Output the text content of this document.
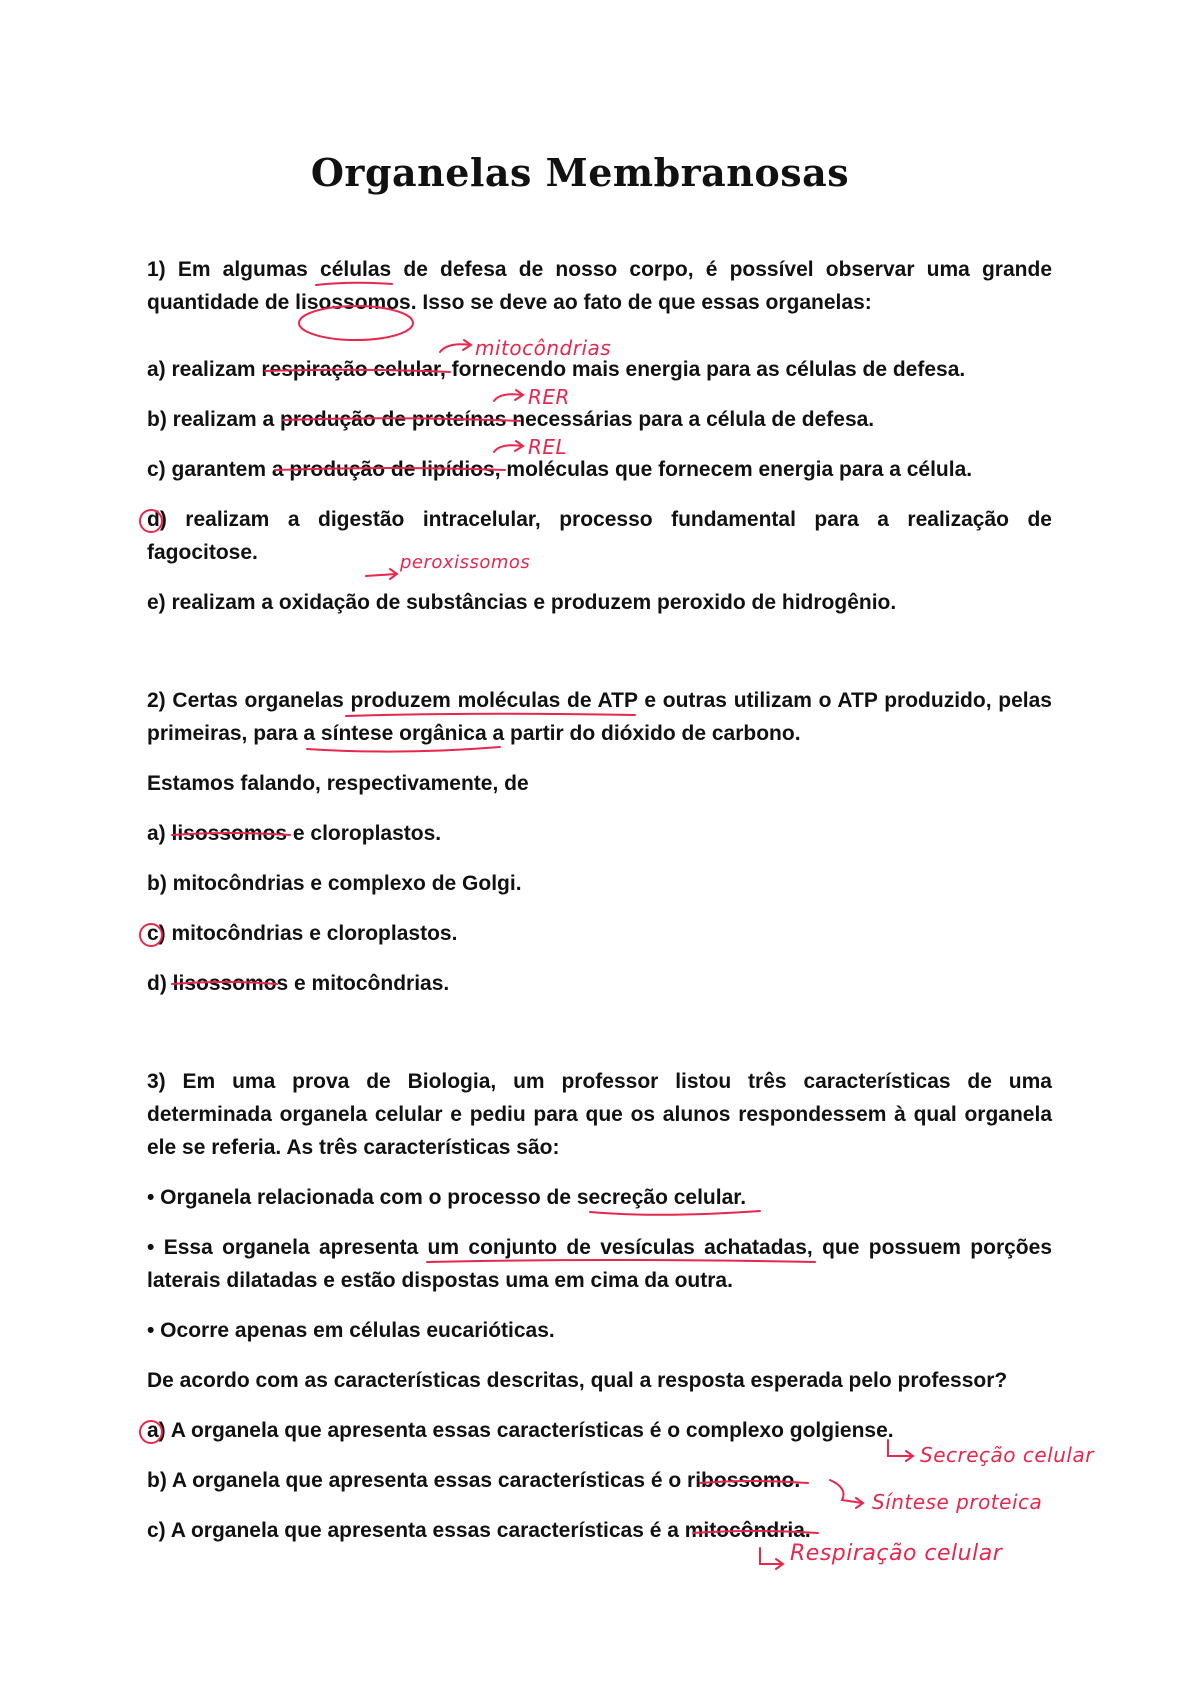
Organelas Membranosas
1) Em algumas células de defesa de nosso corpo, é possível observar uma grande
quantidade de lisossomos. Isso se deve ao fato de que essas organelas:
a) realizam respiração celular, fornecendo mais energia para as células de defesa.
b) realizam a produção de proteínas necessárias para a célula de defesa.
c) garantem a produção de lipídios, moléculas que fornecem energia para a célula.
d) realizam a digestão intracelular, processo fundamental para a realização de
fagocitose.
e) realizam a oxidação de substâncias e produzem peroxido de hidrogênio.
2) Certas organelas produzem moléculas de ATP e outras utilizam o ATP produzido, pelas
primeiras, para a síntese orgânica a partir do dióxido de carbono.
Estamos falando, respectivamente, de
a) lisossomos e cloroplastos.
b) mitocôndrias e complexo de Golgi.
c) mitocôndrias e cloroplastos.
d) lisossomos e mitocôndrias.
3) Em uma prova de Biologia, um professor listou três características de uma
determinada organela celular e pediu para que os alunos respondessem à qual organela
ele se referia. As três características são:
• Organela relacionada com o processo de secreção celular.
• Essa organela apresenta um conjunto de vesículas achatadas, que possuem porções
laterais dilatadas e estão dispostas uma em cima da outra.
• Ocorre apenas em células eucarióticas.
De acordo com as características descritas, qual a resposta esperada pelo professor?
a) A organela que apresenta essas características é o complexo golgiense.
b) A organela que apresenta essas características é o ribossomo.
c) A organela que apresenta essas características é a mitocôndria.
mitocôndrias
RER
REL
peroxissomos
Secreção celular
Síntese proteica
Respiração celular
